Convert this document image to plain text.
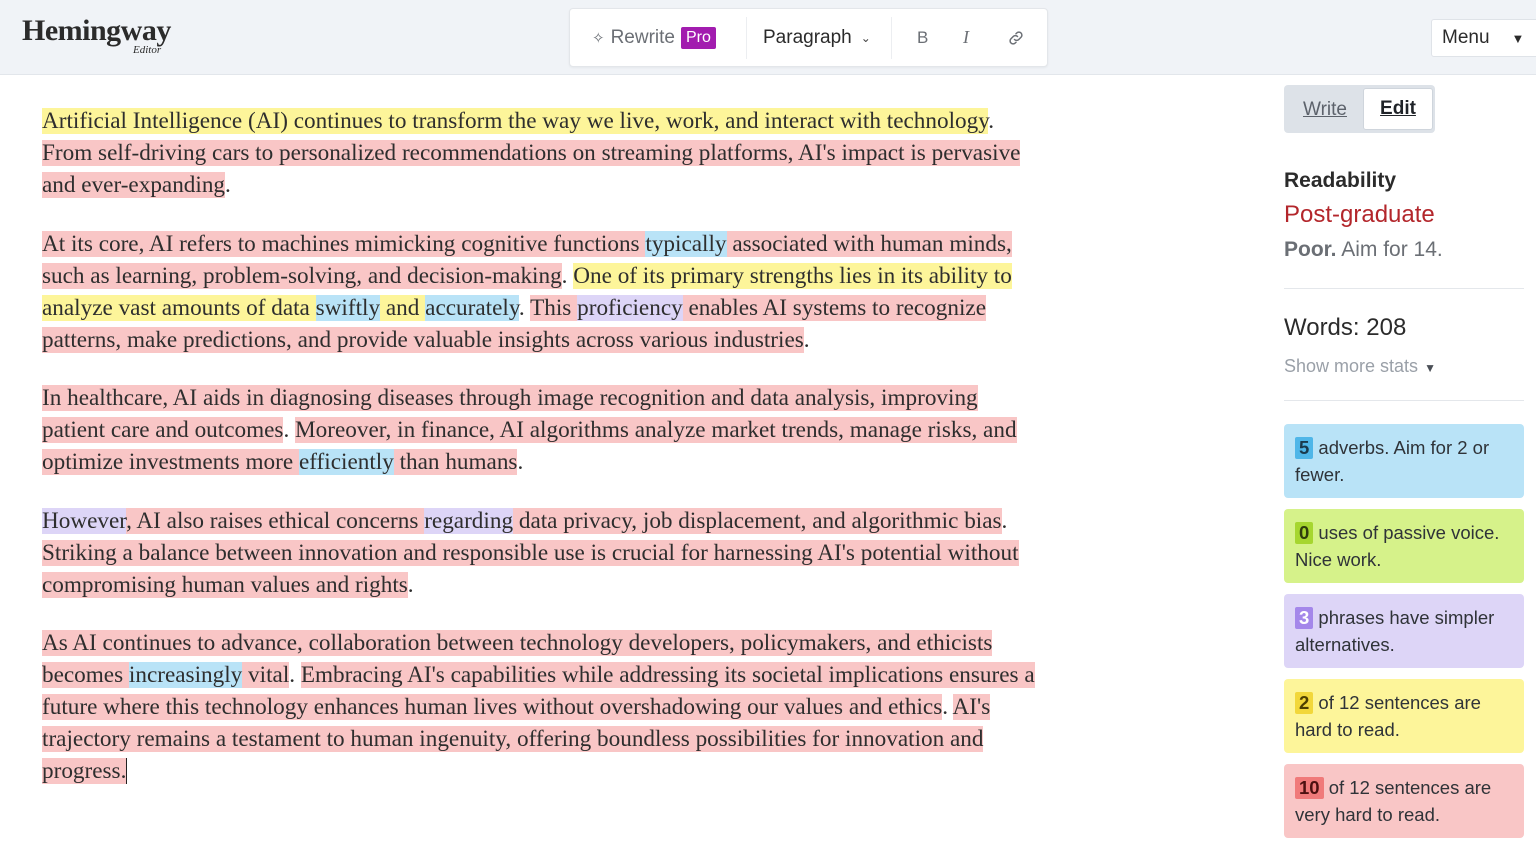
Hemingway
Editor
✧ Rewrite Pro	Paragraph ⌄	B I	Menu ▼

Artificial Intelligence (AI) continues to transform the way we live, work, and interact with technology. From self-driving cars to personalized recommendations on streaming platforms, AI's impact is pervasive and ever-expanding.

At its core, AI refers to machines mimicking cognitive functions typically associated with human minds, such as learning, problem-solving, and decision-making. One of its primary strengths lies in its ability to analyze vast amounts of data swiftly and accurately. This proficiency enables AI systems to recognize patterns, make predictions, and provide valuable insights across various industries.

In healthcare, AI aids in diagnosing diseases through image recognition and data analysis, improving patient care and outcomes. Moreover, in finance, AI algorithms analyze market trends, manage risks, and optimize investments more efficiently than humans.

However, AI also raises ethical concerns regarding data privacy, job displacement, and algorithmic bias. Striking a balance between innovation and responsible use is crucial for harnessing AI's potential without compromising human values and rights.

As AI continues to advance, collaboration between technology developers, policymakers, and ethicists becomes increasingly vital. Embracing AI's capabilities while addressing its societal implications ensures a future where this technology enhances human lives without overshadowing our values and ethics. AI's trajectory remains a testament to human ingenuity, offering boundless possibilities for innovation and progress.

Write	Edit
Readability
Post-graduate
Poor. Aim for 14.
Words: 208
Show more stats ▼
5 adverbs. Aim for 2 or fewer.
0 uses of passive voice. Nice work.
3 phrases have simpler alternatives.
2 of 12 sentences are hard to read.
10 of 12 sentences are very hard to read.
